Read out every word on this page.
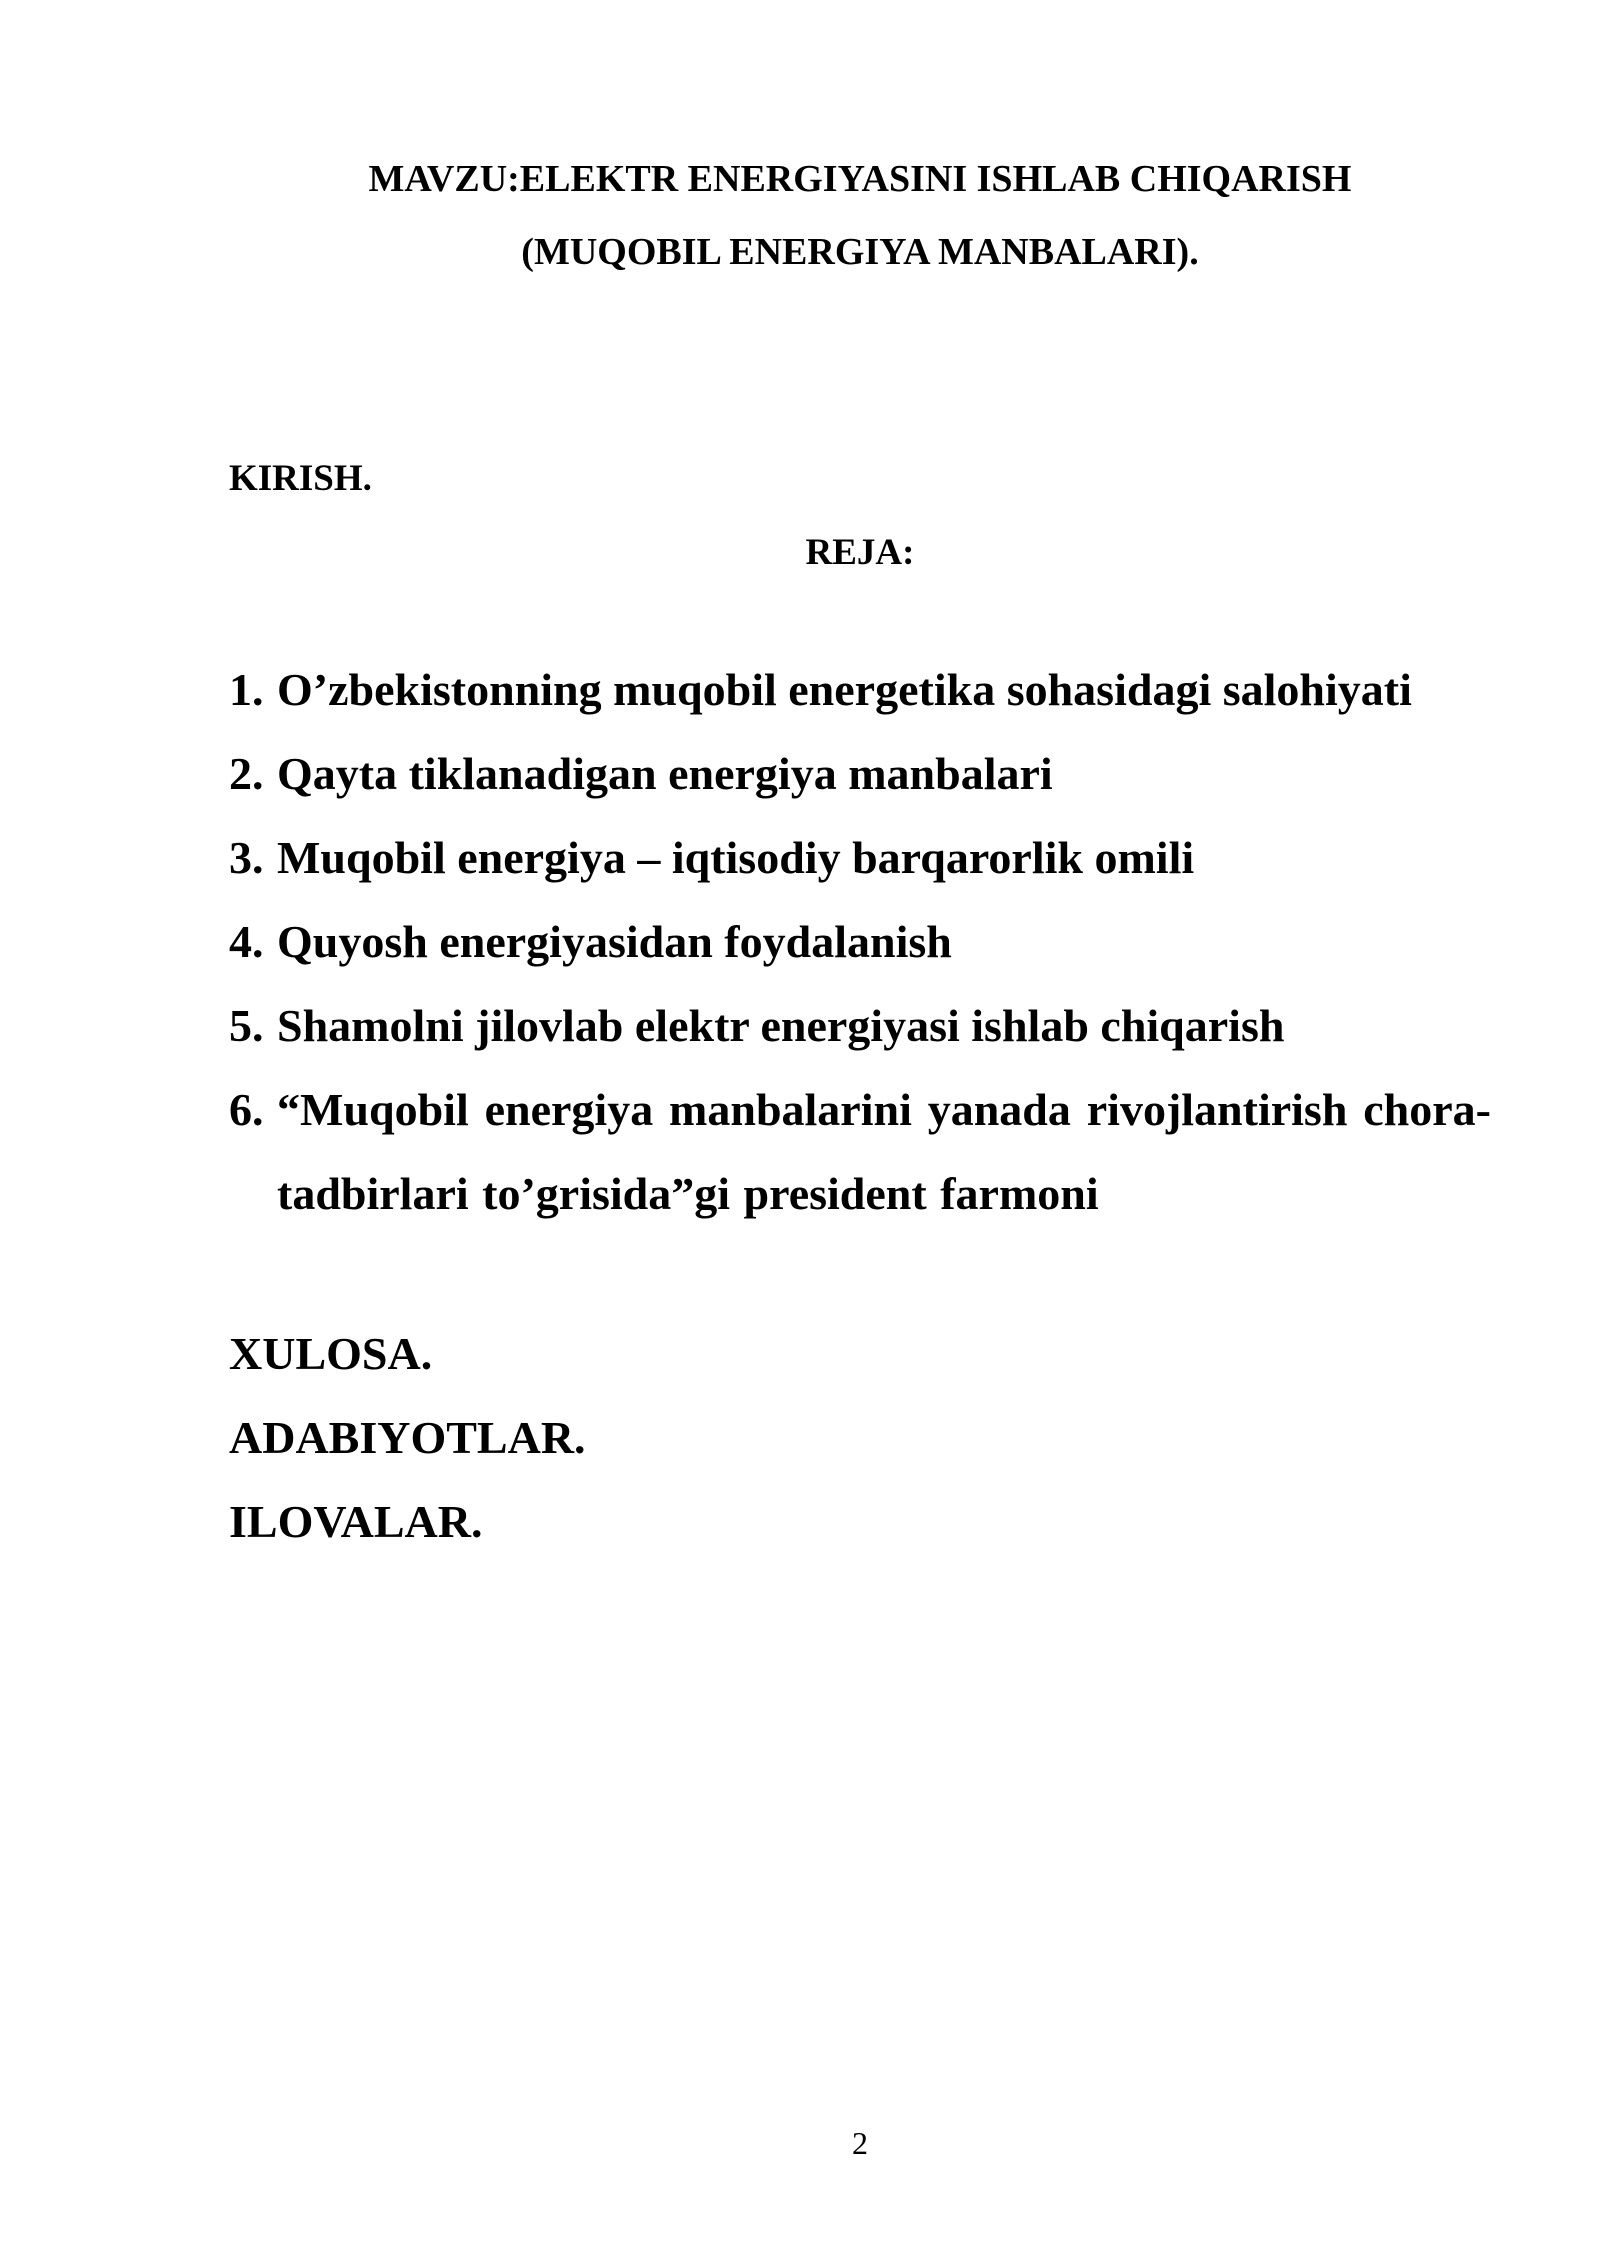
MAVZU:ELEKTR ENERGIYASINI ISHLAB CHIQARISH
(MUQOBIL ENERGIYA MANBALARI).
KIRISH.
REJA:
1. O’zbekistonning muqobil energetika sohasidagi salohiyati
2. Qayta tiklanadigan energiya manbalari
3. Muqobil energiya – iqtisodiy barqarorlik omili
4. Quyosh energiyasidan foydalanish
5. Shamolni jilovlab elektr energiyasi ishlab chiqarish
6. “Muqobil energiya manbalarini yanada rivojlantirish chora- tadbirlari to’grisida”gi president farmoni
XULOSA.
ADABIYOTLAR.
ILOVALAR.
2
